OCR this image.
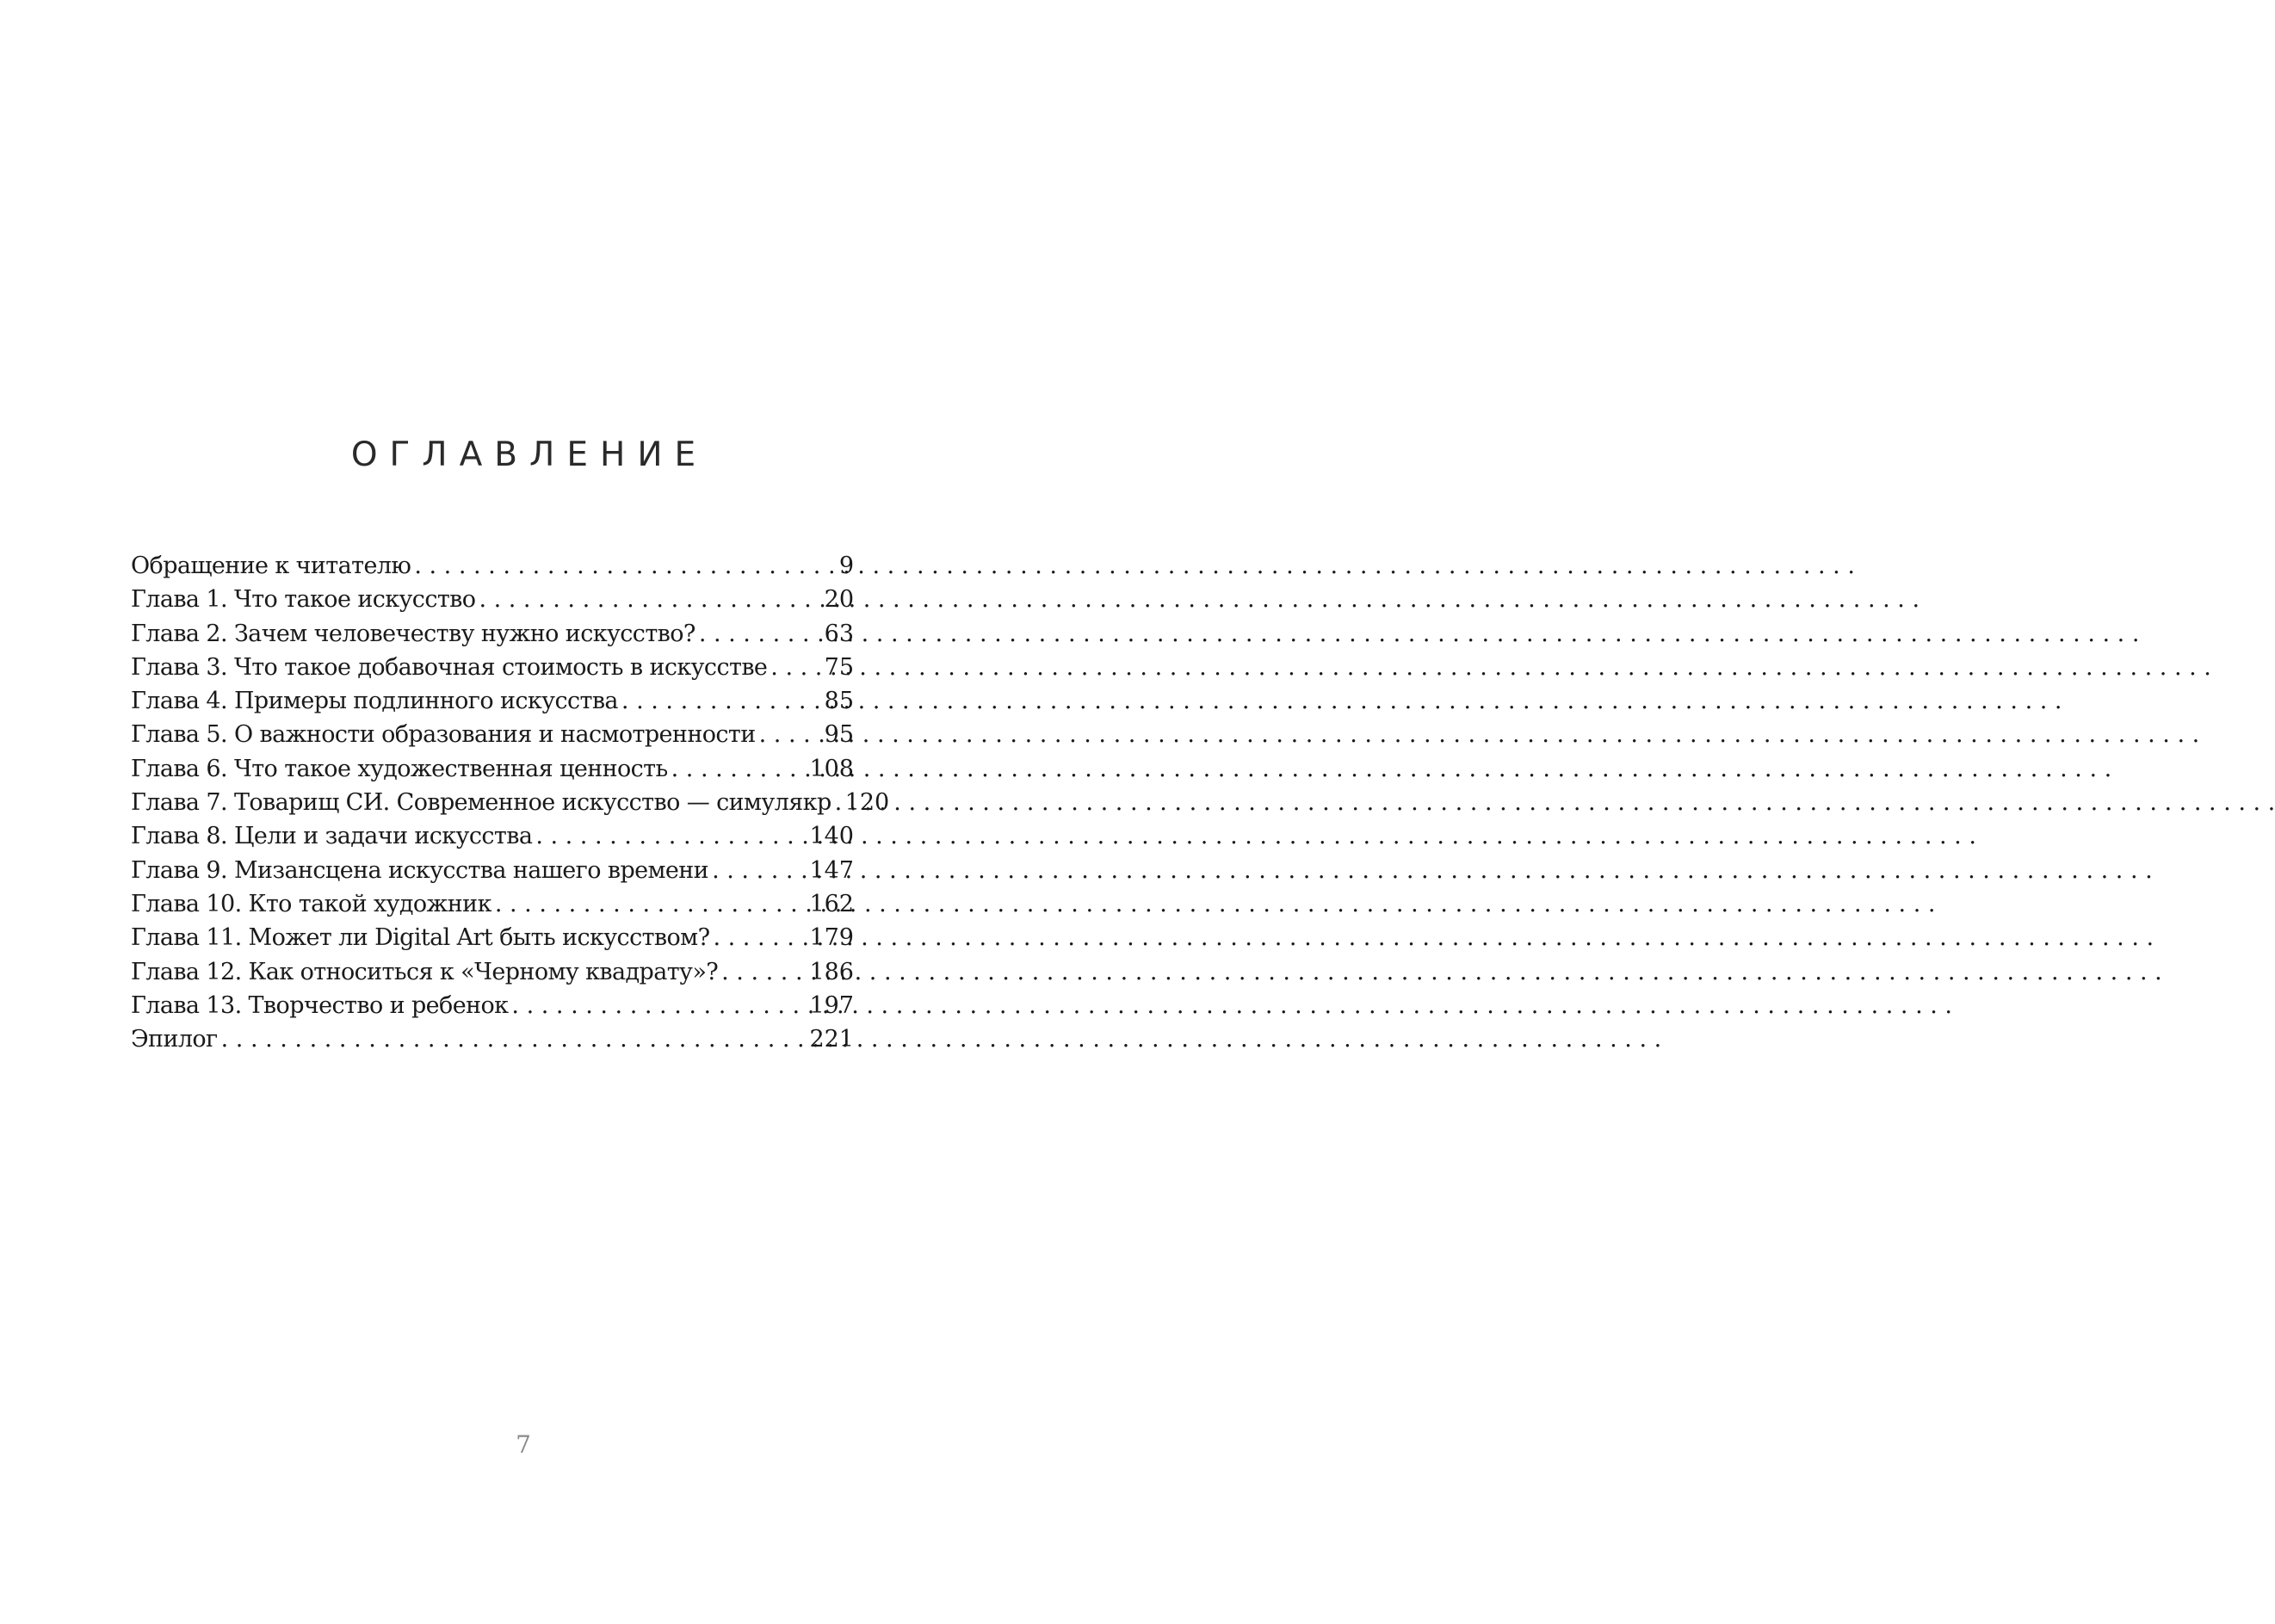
ОГЛАВЛЕНИЕ
Обращение к читателю . . .	9
Глава 1. Что такое искусство . . .	20
Глава 2. Зачем человечеству нужно искусство? . . .	63
Глава 3. Что такое добавочная стоимость в искусстве . . . 75
Глава 4. Примеры подлинного искусства . . .	85
Глава 5. О важности образования и насмотренности . . .	95
Глава 6. Что такое художественная ценность . . .	108
Глава 7. Товарищ СИ. Современное искусство — симулякр . . . 120
Глава 8. Цели и задачи искусства . . .	140
Глава 9. Мизансцена искусства нашего времени . . .	147
Глава 10. Кто такой художник . . .	162
Глава 11. Может ли Digital Art быть искусством? . . .	179
Глава 12. Как относиться к «Черному квадрату»? . . .	186
Глава 13. Творчество и ребенок . . .	197
Эпилог . . .	221
7
